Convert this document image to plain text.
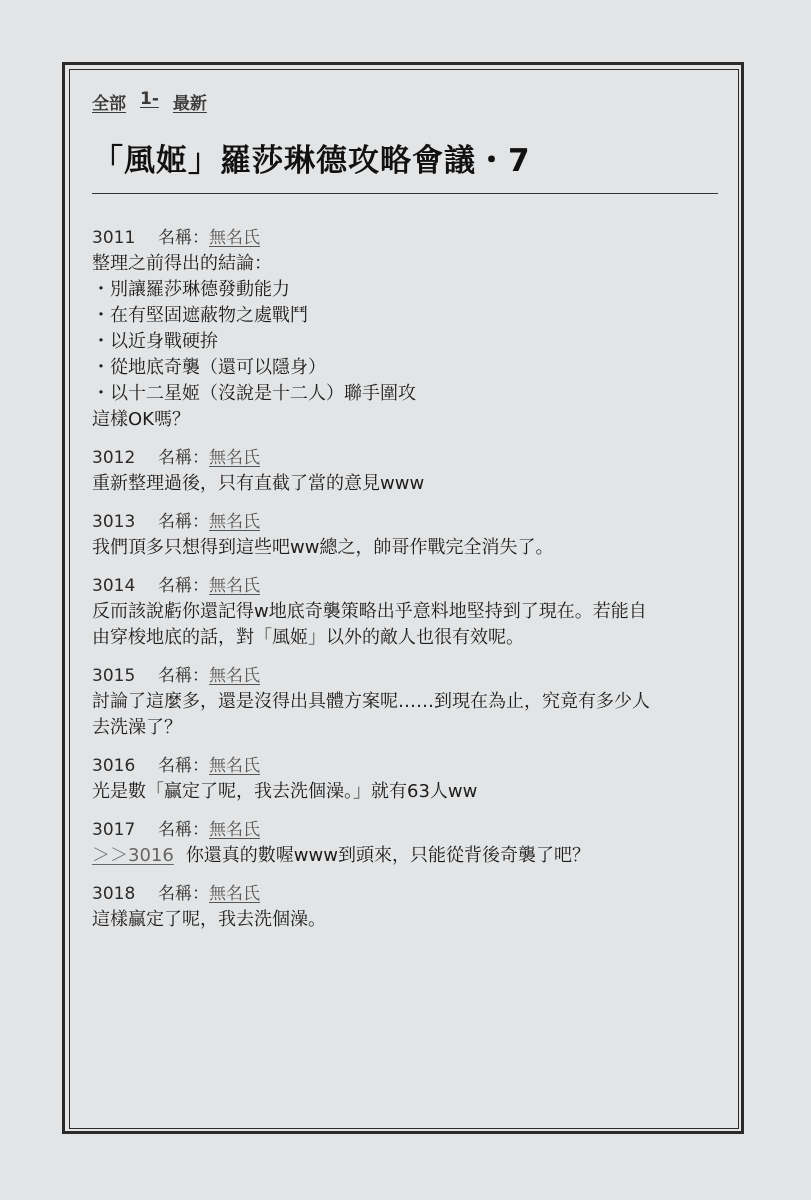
全部 1- 最新
「風姬」羅莎琳德攻略會議・7
3011 名稱：無名氏
整理之前得出的結論：
・別讓羅莎琳德發動能力
・在有堅固遮蔽物之處戰鬥
・以近身戰硬拚
・從地底奇襲（還可以隱身）
・以十二星姬（沒說是十二人）聯手圍攻
這樣OK嗎？
3012 名稱：無名氏
重新整理過後，只有直截了當的意見www
3013 名稱：無名氏
我們頂多只想得到這些吧ww總之，帥哥作戰完全消失了。
3014 名稱：無名氏
反而該說虧你還記得w地底奇襲策略出乎意料地堅持到了現在。若能自
由穿梭地底的話，對「風姬」以外的敵人也很有效呢。
3015 名稱：無名氏
討論了這麼多，還是沒得出具體方案呢……到現在為止，究竟有多少人
去洗澡了？
3016 名稱：無名氏
光是數「贏定了呢，我去洗個澡。」就有63人ww
3017 名稱：無名氏
＞＞3016 你還真的數喔www到頭來，只能從背後奇襲了吧？
3018 名稱：無名氏
這樣贏定了呢，我去洗個澡。
